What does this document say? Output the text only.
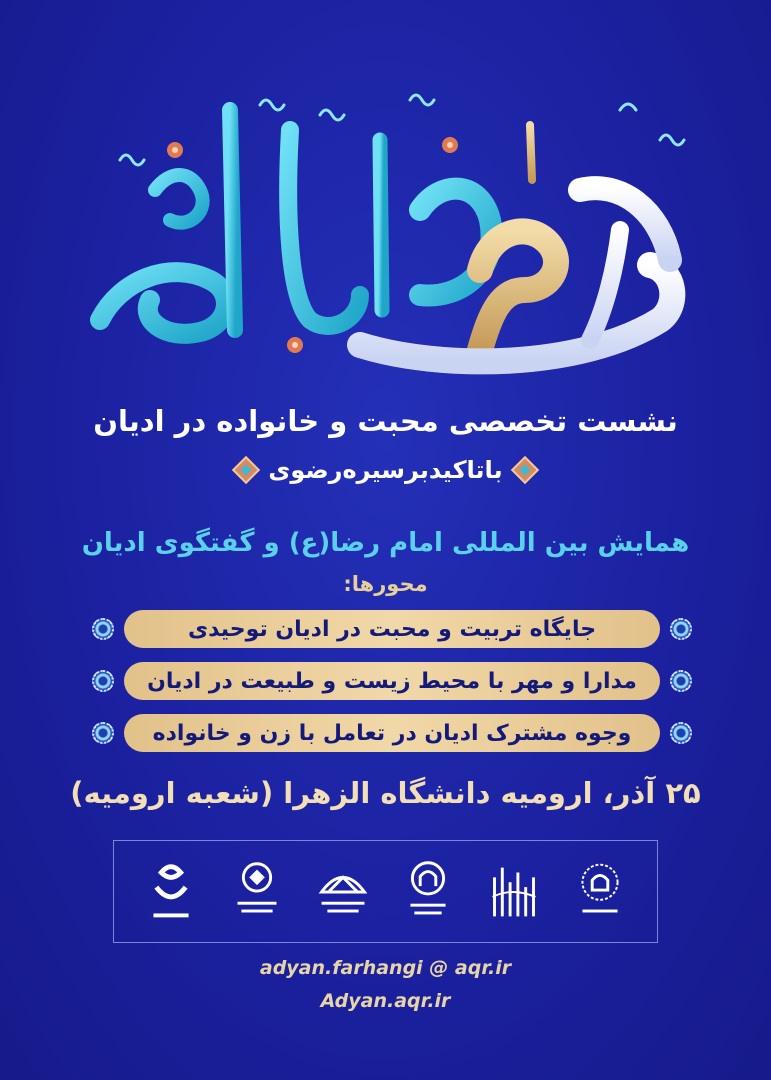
نشست تخصصی محبت و خانواده در ادیان
باتاکیدبرسیره‌رضوی
همایش بین المللی امام رضا(ع) و گفتگوی ادیان
محورها:
جایگاه تربیت و محبت در ادیان توحیدی
مدارا و مهر با محیط زیست و طبیعت در ادیان
وجوه مشترک ادیان در تعامل با زن و خانواده
۲۵ آذر، ارومیه دانشگاه الزهرا (شعبه ارومیه)
adyan.farhangi @ aqr.ir
Adyan.aqr.ir
